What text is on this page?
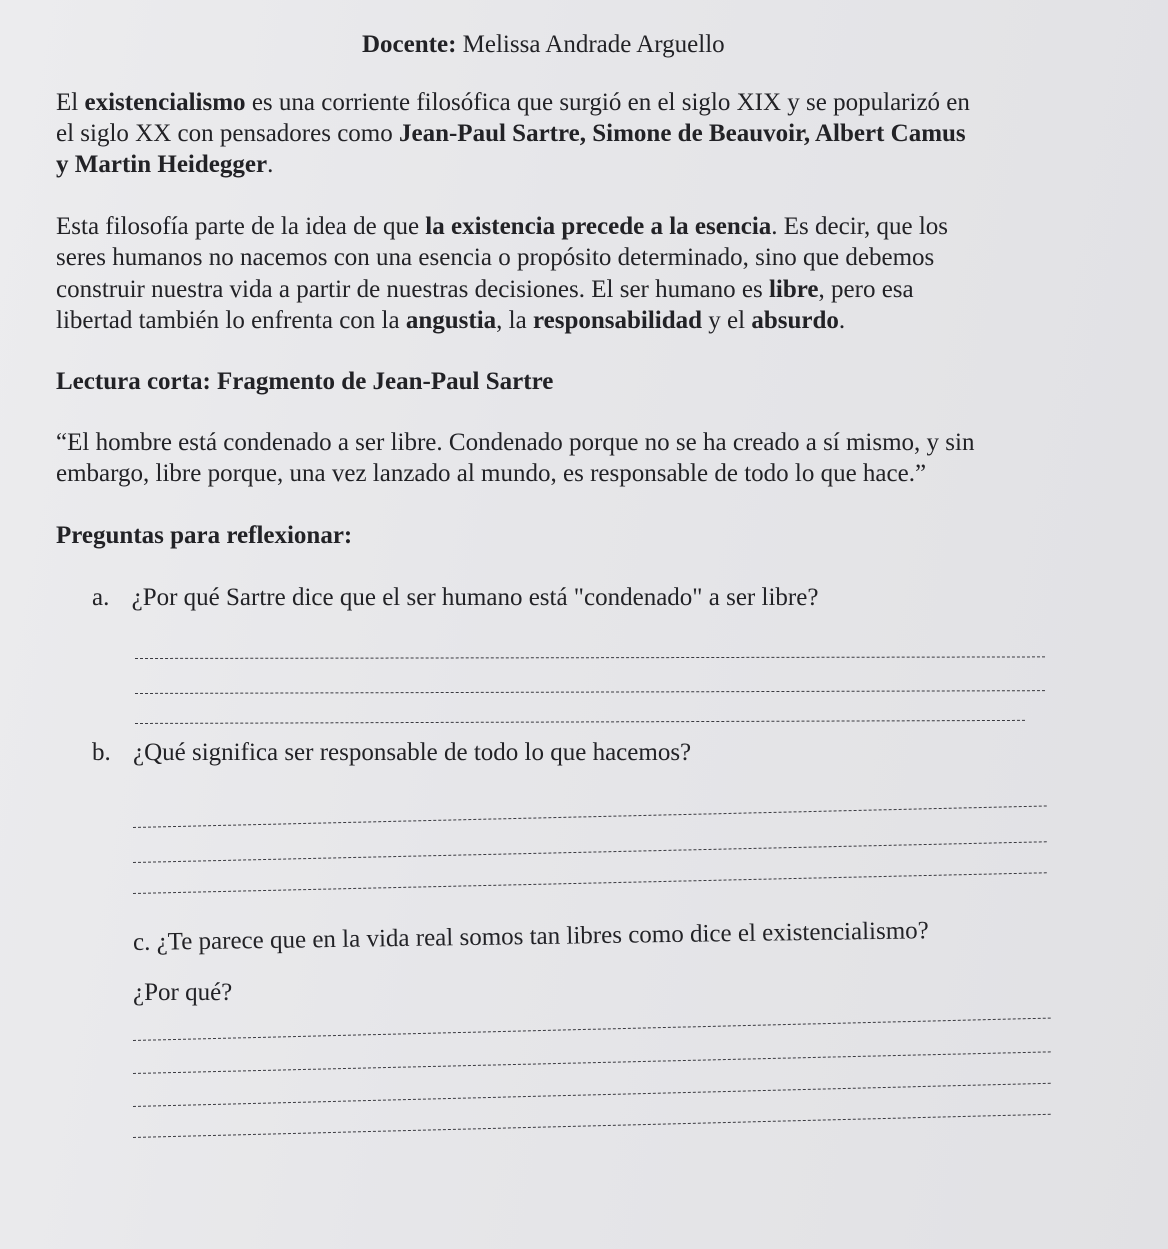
Docente: Melissa Andrade Arguello
El existencialismo es una corriente filosófica que surgió en el siglo XIX y se popularizó en
el siglo XX con pensadores como Jean-Paul Sartre, Simone de Beauvoir, Albert Camus
y Martin Heidegger.
Esta filosofía parte de la idea de que la existencia precede a la esencia. Es decir, que los
seres humanos no nacemos con una esencia o propósito determinado, sino que debemos
construir nuestra vida a partir de nuestras decisiones. El ser humano es libre, pero esa
libertad también lo enfrenta con la angustia, la responsabilidad y el absurdo.
Lectura corta: Fragmento de Jean-Paul Sartre
“El hombre está condenado a ser libre. Condenado porque no se ha creado a sí mismo, y sin
embargo, libre porque, una vez lanzado al mundo, es responsable de todo lo que hace.”
Preguntas para reflexionar:
a. ¿Por qué Sartre dice que el ser humano está "condenado" a ser libre?
b. ¿Qué significa ser responsable de todo lo que hacemos?
c. ¿Te parece que en la vida real somos tan libres como dice el existencialismo?
¿Por qué?
